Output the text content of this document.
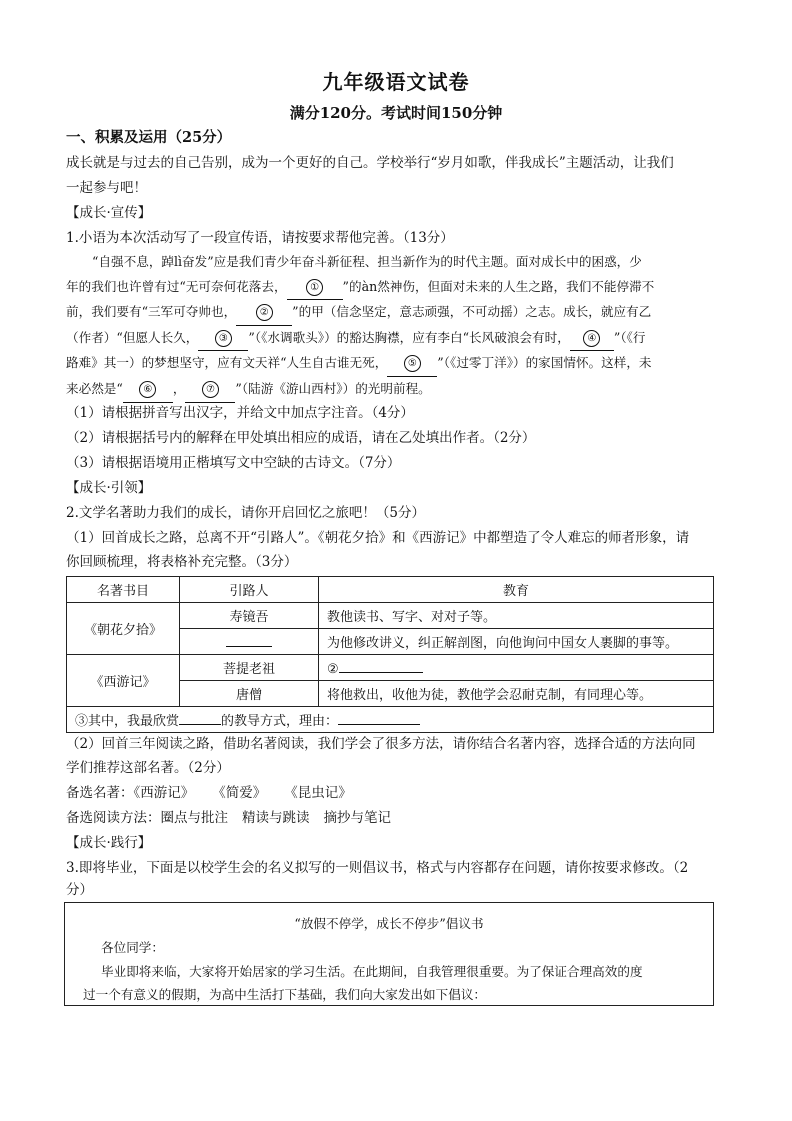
九年级语文试卷
满分120分。考试时间150分钟
一、积累及运用（25分）
成长就是与过去的自己告别，成为一个更好的自己。学校举行“岁月如歌，伴我成长”主题活动，让我们
一起参与吧！
【成长·宣传】
1.小语为本次活动写了一段宣传语，请按要求帮他完善。（13分）
“自强不息，踔lì奋发”应是我们青少年奋斗新征程、担当新作为的时代主题。面对成长中的困惑，少
年的我们也许曾有过“无可奈何花落去， ① ”的àn然神伤，但面对未来的人生之路，我们不能停滞不
前，我们要有“三军可夺帅也， ② ”的甲（信念坚定，意志顽强，不可动摇）之志。成长，就应有乙
（作者）“但愿人长久， ③ ”（《水调歌头》）的豁达胸襟，应有李白“长风破浪会有时， ④ ”（《行
路难》其一）的梦想坚守，应有文天祥“人生自古谁无死， ⑤ ”（《过零丁洋》）的家国情怀。这样，未
来必然是“ ⑥ ， ⑦ ”（陆游《游山西村》）的光明前程。
（1）请根据拼音写出汉字，并给文中加点字注音。（4分）
（2）请根据括号内的解释在甲处填出相应的成语，请在乙处填出作者。（2分）
（3）请根据语境用正楷填写文中空缺的古诗文。（7分）
【成长·引领】
2.文学名著助力我们的成长，请你开启回忆之旅吧！（5分）
（1）回首成长之路，总离不开“引路人”。《朝花夕拾》和《西游记》中都塑造了令人难忘的师者形象，请
你回顾梳理，将表格补充完整。（3分）
名著书目	引路人	教育
《朝花夕拾》	寿镜吾	教他读书、写字、对对子等。
		为他修改讲义，纠正解剖图，向他询问中国女人裹脚的事等。
《西游记》	菩提老祖	②
	唐僧	将他救出，收他为徒，教他学会忍耐克制，有同理心等。
③其中，我最欣赏 的教导方式，理由：		
（2）回首三年阅读之路，借助名著阅读，我们学会了很多方法，请你结合名著内容，选择合适的方法向同
学们推荐这部名著。（2分）
备选名著：《西游记》 《简爱》 《昆虫记》
备选阅读方法：圈点与批注 精读与跳读 摘抄与笔记
【成长·践行】
3.即将毕业，下面是以校学生会的名义拟写的一则倡议书，格式与内容都存在问题，请你按要求修改。（2
分）
“放假不停学，成长不停步”倡议书
各位同学：
毕业即将来临，大家将开始居家的学习生活。在此期间，自我管理很重要。为了保证合理高效的度
过一个有意义的假期，为高中生活打下基础，我们向大家发出如下倡议：
